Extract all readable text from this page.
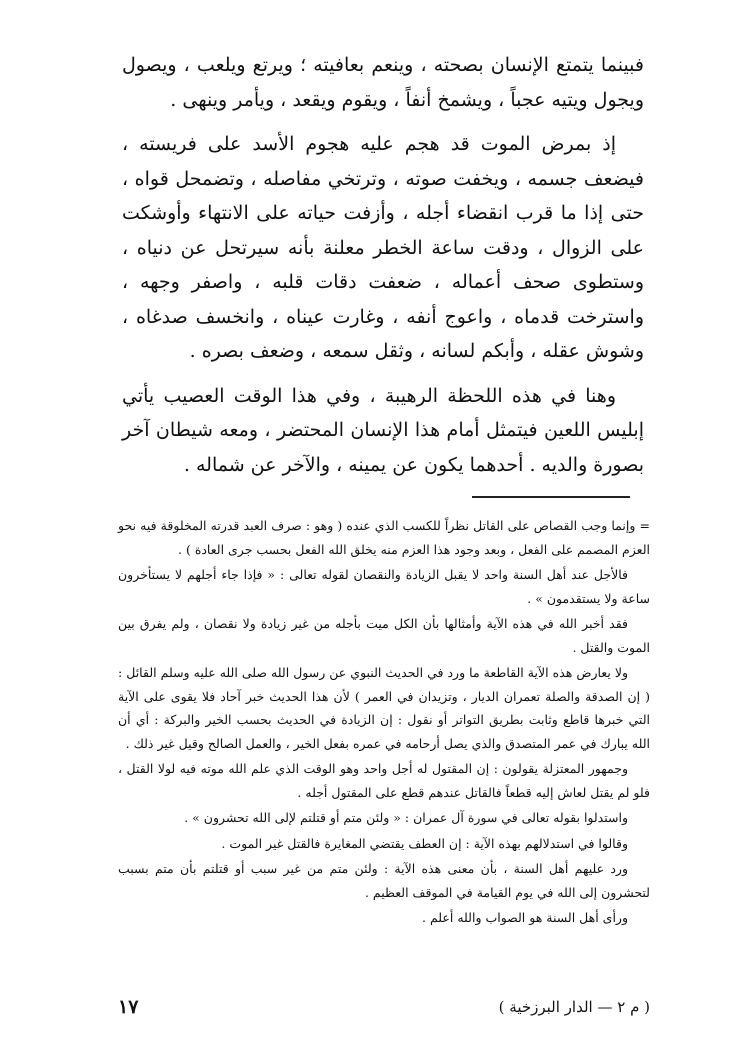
فبينما يتمتع الإنسان بصحته ، وينعم بعافيته ؛ ويرتع ويلعب ، ويصول ويجول ويتيه عجباً ، ويشمخ أنفاً ، ويقوم ويقعد ، ويأمر وينهى .

إذ بمرض الموت قد هجم عليه هجوم الأسد على فريسته ، فيضعف جسمه ، ويخفت صوته ، وترتخي مفاصله ، وتضمحل قواه ، حتى إذا ما قرب انقضاء أجله ، وأزفت حياته على الانتهاء وأوشكت على الزوال ، ودقت ساعة الخطر معلنة بأنه سيرتحل عن دنياه ، وستطوى صحف أعماله ، ضعفت دقات قلبه ، واصفر وجهه ، واسترخت قدماه ، واعوج أنفه ، وغارت عيناه ، وانخسف صدغاه ، وشوش عقله ، وأبكم لسانه ، وثقل سمعه ، وضعف بصره .

وهنا في هذه اللحظة الرهيبة ، وفي هذا الوقت العصيب يأتي إبليس اللعين فيتمثل أمام هذا الإنسان المحتضر ، ومعه شيطان آخر بصورة والديه . أحدهما يكون عن يمينه ، والآخر عن شماله .

= وإنما وجب القصاص على القاتل نظراً للكسب الذي عنده ( وهو : صرف العبد قدرته المخلوقة فيه نحو العزم المصمم على الفعل ، وبعد وجود هذا العزم منه يخلق الله الفعل بحسب جرى العادة ) .

فالأجل عند أهل السنة واحد لا يقبل الزيادة والنقصان لقوله تعالى : « فإذا جاء أجلهم لا يستأخرون ساعة ولا يستقدمون » .

فقد أخبر الله في هذه الآية وأمثالها بأن الكل ميت بأجله من غير زيادة ولا نقصان ، ولم يفرق بين الموت والقتل .

ولا يعارض هذه الآية القاطعة ما ورد في الحديث النبوي عن رسول الله صلى الله عليه وسلم القائل : ( إن الصدقة والصلة تعمران الديار ، وتزيدان في العمر ) لأن هذا الحديث خبر آحاد فلا يقوى على الآية التي خبرها قاطع وثابت بطريق التواتر أو نقول : إن الزيادة في الحديث بحسب الخير والبركة : أي أن الله يبارك في عمر المتصدق والذي يصل أرحامه في عمره بفعل الخير ، والعمل الصالح وقيل غير ذلك .

وجمهور المعتزلة يقولون : إن المقتول له أجل واحد وهو الوقت الذي علم الله موته فيه لولا القتل ، فلو لم يقتل لعاش إليه قطعاً فالقاتل عندهم قطع على المقتول أجله .

واستدلوا بقوله تعالى في سورة آل عمران : « ولئن متم أو قتلتم لإلى الله تحشرون » .

وقالوا في استدلالهم بهذه الآية : إن العطف يقتضي المغايرة فالقتل غير الموت .

ورد عليهم أهل السنة ، بأن معنى هذه الآية : ولئن متم من غير سبب أو قتلتم بأن متم بسبب لتحشرون إلى الله في يوم القيامة في الموقف العظيم .

ورأى أهل السنة هو الصواب والله أعلم .

١٧	( م ٢ — الدار البرزخية )
